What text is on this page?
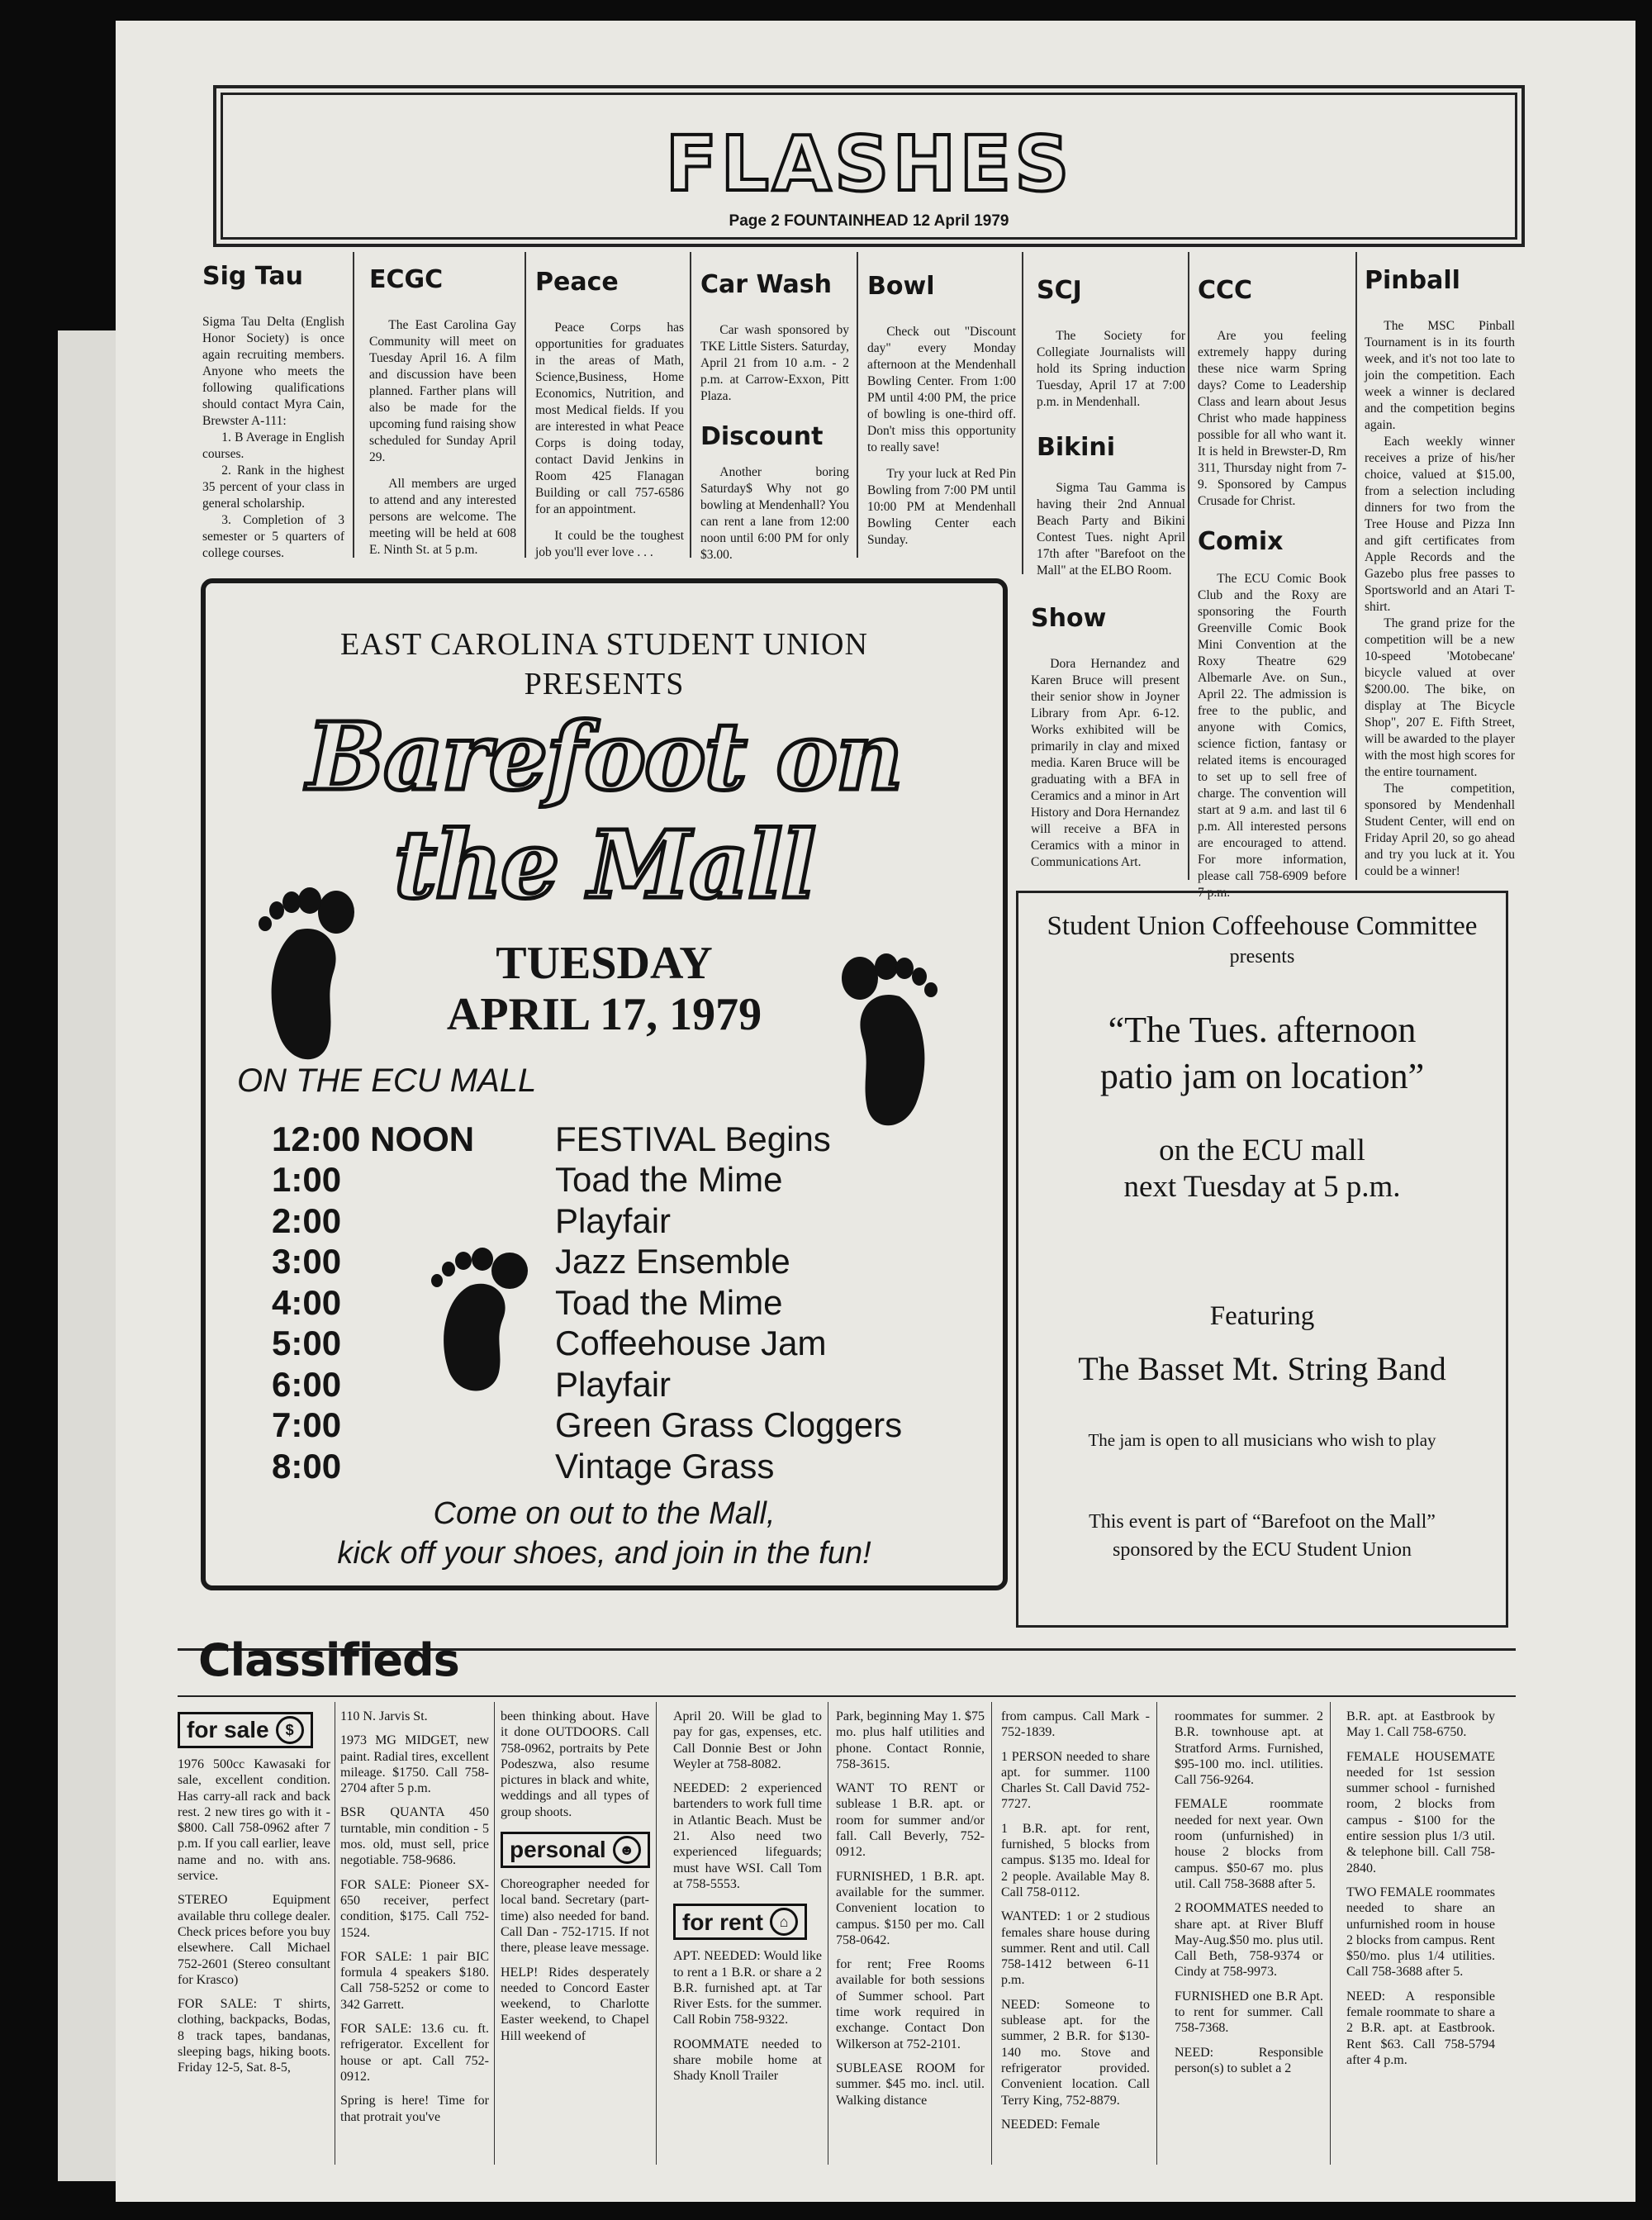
FLASHES
Page 2 FOUNTAINHEAD 12 April 1979
Sig Tau

Sigma Tau Delta (English Honor Society) is once again recruiting members. Anyone who meets the following qualifications should contact Myra Cain, Brewster A-111:

1. B Average in English courses.

2. Rank in the highest 35 percent of your class in general scholarship.

3. Completion of 3 semester or 5 quarters of college courses.

ECGC

The East Carolina Gay Community will meet on Tuesday April 16. A film and discussion have been planned. Farther plans will also be made for the upcoming fund raising show scheduled for Sunday April 29.

All members are urged to attend and any interested persons are welcome. The meeting will be held at 608 E. Ninth St. at 5 p.m.

Peace

Peace Corps has opportunities for graduates in the areas of Math, Science,Business, Home Economics, Nutrition, and most Medical fields. If you are interested in what Peace Corps is doing today, contact David Jenkins in Room 425 Flanagan Building or call 757-6586 for an appointment.

It could be the toughest job you'll ever love . . .

Car Wash

Car wash sponsored by TKE Little Sisters. Saturday, April 21 from 10 a.m. - 2 p.m. at Carrow-Exxon, Pitt Plaza.

Discount

Another boring Saturday$ Why not go bowling at Mendenhall? You can rent a lane from 12:00 noon until 6:00 PM for only $3.00.

Bowl

Check out "Discount day" every Monday afternoon at the Mendenhall Bowling Center. From 1:00 PM until 4:00 PM, the price of bowling is one-third off. Don't miss this opportunity to really save!

Try your luck at Red Pin Bowling from 7:00 PM until 10:00 PM at Mendenhall Bowling Center each Sunday.

SCJ

The Society for Collegiate Journalists will hold its Spring induction Tuesday, April 17 at 7:00 p.m. in Mendenhall.

Bikini

Sigma Tau Gamma is having their 2nd Annual Beach Party and Bikini Contest Tues. night April 17th after "Barefoot on the Mall" at the ELBO Room.

Show

Dora Hernandez and Karen Bruce will present their senior show in Joyner Library from Apr. 6-12. Works exhibited will be primarily in clay and mixed media. Karen Bruce will be graduating with a BFA in Ceramics and a minor in Art History and Dora Hernandez will receive a BFA in Ceramics with a minor in Communications Art.

CCC

Are you feeling extremely happy during these nice warm Spring days? Come to Leadership Class and learn about Jesus Christ who made happiness possible for all who want it. It is held in Brewster-D, Rm 311, Thursday night from 7-9. Sponsored by Campus Crusade for Christ.

Comix

The ECU Comic Book Club and the Roxy are sponsoring the Fourth Greenville Comic Book Mini Convention at the Roxy Theatre 629 Albemarle Ave. on Sun., April 22. The admission is free to the public, and anyone with Comics, science fiction, fantasy or related items is encouraged to set up to sell free of charge. The convention will start at 9 a.m. and last til 6 p.m. All interested persons are encouraged to attend. For more information, please call 758-6909 before 7 p.m.

Pinball

The MSC Pinball Tournament is in its fourth week, and it's not too late to join the competition. Each week a winner is declared and the competition begins again.

Each weekly winner receives a prize of his/her choice, valued at $15.00, from a selection including dinners for two from the Tree House and Pizza Inn and gift certificates from Apple Records and the Gazebo plus free passes to Sportsworld and an Atari T-shirt.

The grand prize for the competition will be a new 10-speed 'Motobecane' bicycle valued at over $200.00. The bike, on display at The Bicycle Shop", 207 E. Fifth Street, will be awarded to the player with the most high scores for the entire tournament.

The competition, sponsored by Mendenhall Student Center, will end on Friday April 20, so go ahead and try you luck at it. You could be a winner!

EAST CAROLINA STUDENT UNION
PRESENTS
Barefoot on the Mall
TUESDAY
APRIL 17, 1979
ON THE ECU MALL
12:00 NOON	FESTIVAL Begins
1:00	Toad the Mime
2:00	Playfair
3:00	Jazz Ensemble
4:00	Toad the Mime
5:00	Coffeehouse Jam
6:00	Playfair
7:00	Green Grass Cloggers
8:00	Vintage Grass
Come on out to the Mall,
kick off your shoes, and join in the fun!
Student Union Coffeehouse Committee
presents
“The Tues. afternoon
patio jam on location”
on the ECU mall
next Tuesday at 5 p.m.
Featuring
The Basset Mt. String Band
The jam is open to all musicians who wish to play
This event is part of “Barefoot on the Mall”
sponsored by the ECU Student Union
Classifieds
for sale	$

1976 500cc Kawasaki for sale, excellent condition. Has carry-all rack and back rest. 2 new tires go with it - $800. Call 758-0962 after 7 p.m. If you call earlier, leave name and no. with ans. service.

STEREO Equipment available thru college dealer. Check prices before you buy elsewhere. Call Michael 752-2601 (Stereo consultant for Krasco)

FOR SALE: T shirts, clothing, backpacks, Bodas, 8 track tapes, bandanas, sleeping bags, hiking boots. Friday 12-5, Sat. 8-5,

110 N. Jarvis St.

1973 MG MIDGET, new paint. Radial tires, excellent mileage. $1750. Call 758-2704 after 5 p.m.

BSR QUANTA 450 turntable, min condition - 5 mos. old, must sell, price negotiable. 758-9686.

FOR SALE: Pioneer SX-650 receiver, perfect condition, $175. Call 752-1524.

FOR SALE: 1 pair BIC formula 4 speakers $180. Call 758-5252 or come to 342 Garrett.

FOR SALE: 13.6 cu. ft. refrigerator. Excellent for house or apt. Call 752-0912.

Spring is here! Time for that protrait you've

been thinking about. Have it done OUTDOORS. Call 758-0962, portraits by Pete Podeszwa, also resume pictures in black and white, weddings and all types of group shoots.

personal ☻

Choreographer needed for local band. Secretary (part-time) also needed for band. Call Dan - 752-1715. If not there, please leave message.

HELP! Rides desperately needed to Concord Easter weekend, to Charlotte Easter weekend, to Chapel Hill weekend of

April 20. Will be glad to pay for gas, expenses, etc. Call Donnie Best or John Weyler at 758-8082.

NEEDED: 2 experienced bartenders to work full time in Atlantic Beach. Must be 21. Also need two experienced lifeguards; must have WSI. Call Tom at 758-5553.

for rent	⌂

APT. NEEDED: Would like to rent a 1 B.R. or share a 2 B.R. furnished apt. at Tar River Ests. for the summer. Call Robin 758-9322.

ROOMMATE needed to share mobile home at Shady Knoll Trailer

Park, beginning May 1. $75 mo. plus half utilities and phone. Contact Ronnie, 758-3615.

WANT TO RENT or sublease 1 B.R. apt. or room for summer and/or fall. Call Beverly, 752-0912.

FURNISHED, 1 B.R. apt. available for the summer. Convenient location to campus. $150 per mo. Call 758-0642.

for rent; Free Rooms available for both sessions of Summer school. Part time work required in exchange. Contact Don Wilkerson at 752-2101.

SUBLEASE ROOM for summer. $45 mo. incl. util. Walking distance

from campus. Call Mark - 752-1839.

1 PERSON needed to share apt. for summer. 1100 Charles St. Call David 752-7727.

1 B.R. apt. for rent, furnished, 5 blocks from campus. $135 mo. Ideal for 2 people. Available May 8. Call 758-0112.

WANTED: 1 or 2 studious females share house during summer. Rent and util. Call 758-1412 between 6-11 p.m.

NEED: Someone to sublease apt. for the summer, 2 B.R. for $130-140 mo. Stove and refrigerator provided. Convenient location. Call Terry King, 752-8879.

NEEDED: Female

roommates for summer. 2 B.R. townhouse apt. at Stratford Arms. Furnished, $95-100 mo. incl. utilities. Call 756-9264.

FEMALE roommate needed for next year. Own room (unfurnished) in house 2 blocks from campus. $50-67 mo. plus util. Call 758-3688 after 5.

2 ROOMMATES needed to share apt. at River Bluff May-Aug.$50 mo. plus util. Call Beth, 758-9374 or Cindy at 758-9973.

FURNISHED one B.R Apt. to rent for summer. Call 758-7368.

NEED: Responsible person(s) to sublet a 2

B.R. apt. at Eastbrook by May 1. Call 758-6750.

FEMALE HOUSEMATE needed for 1st session summer school - furnished room, 2 blocks from campus - $100 for the entire session plus 1/3 util. & telephone bill. Call 758-2840.

TWO FEMALE roommates needed to share an unfurnished room in house 2 blocks from campus. Rent $50/mo. plus 1/4 utilities. Call 758-3688 after 5.

NEED: A responsible female roommate to share a 2 B.R. apt. at Eastbrook. Rent $63. Call 758-5794 after 4 p.m.
